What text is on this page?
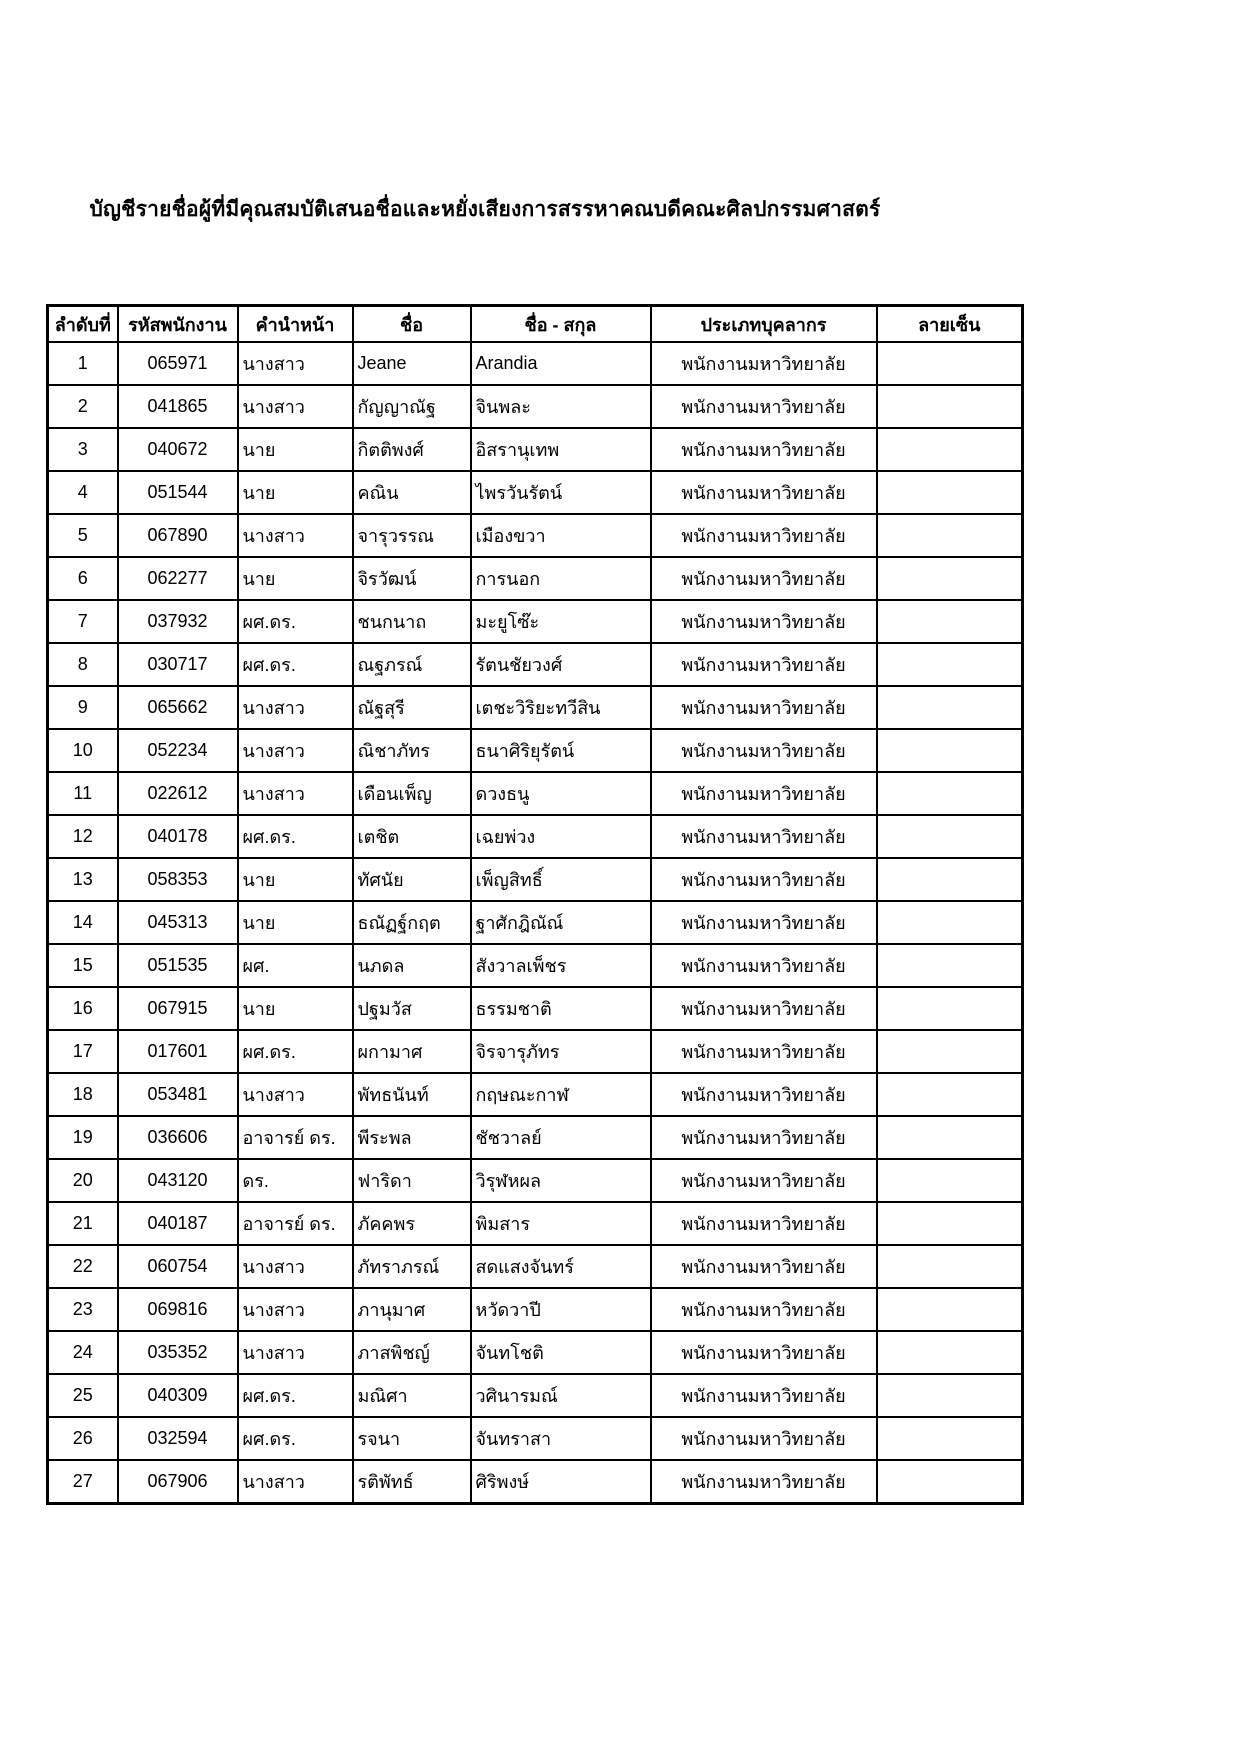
บัญชีรายชื่อผู้ที่มีคุณสมบัติเสนอชื่อและหยั่งเสียงการสรรหาคณบดีคณะศิลปกรรมศาสตร์
ลำดับที่	รหัสพนักงาน	คำนำหน้า	ชื่อ	ชื่อ - สกุล	ประเภทบุคลากร	ลายเซ็น
1	065971	นางสาว	Jeane	Arandia	พนักงานมหาวิทยาลัย	
2	041865	นางสาว	กัญญาณัฐ	จินพละ	พนักงานมหาวิทยาลัย	
3	040672	นาย	กิตติพงศ์	อิสรานุเทพ	พนักงานมหาวิทยาลัย	
4	051544	นาย	คณิน	ไพรวันรัตน์	พนักงานมหาวิทยาลัย	
5	067890	นางสาว	จารุวรรณ	เมืองขวา	พนักงานมหาวิทยาลัย	
6	062277	นาย	จิรวัฒน์	การนอก	พนักงานมหาวิทยาลัย	
7	037932	ผศ.ดร.	ชนกนาถ	มะยูโซ๊ะ	พนักงานมหาวิทยาลัย	
8	030717	ผศ.ดร.	ณฐภรณ์	รัตนชัยวงศ์	พนักงานมหาวิทยาลัย	
9	065662	นางสาว	ณัฐสุรี	เตชะวิริยะทวีสิน	พนักงานมหาวิทยาลัย	
10	052234	นางสาว	ณิชาภัทร	ธนาศิริยุรัตน์	พนักงานมหาวิทยาลัย	
11	022612	นางสาว	เดือนเพ็ญ	ดวงธนู	พนักงานมหาวิทยาลัย	
12	040178	ผศ.ดร.	เตชิต	เฉยพ่วง	พนักงานมหาวิทยาลัย	
13	058353	นาย	ทัศนัย	เพ็ญสิทธิ์	พนักงานมหาวิทยาลัย	
14	045313	นาย	ธณัฏฐ์กฤต	ฐาศักฎิณัณ์	พนักงานมหาวิทยาลัย	
15	051535	ผศ.	นภดล	สังวาลเพ็ชร	พนักงานมหาวิทยาลัย	
16	067915	นาย	ปฐมวัส	ธรรมชาติ	พนักงานมหาวิทยาลัย	
17	017601	ผศ.ดร.	ผกามาศ	จิรจารุภัทร	พนักงานมหาวิทยาลัย	
18	053481	นางสาว	พัทธนันท์	กฤษณะกาฬ	พนักงานมหาวิทยาลัย	
19	036606	อาจารย์ ดร.	พีระพล	ชัชวาลย์	พนักงานมหาวิทยาลัย	
20	043120	ดร.	ฟาริดา	วิรุฬหผล	พนักงานมหาวิทยาลัย	
21	040187	อาจารย์ ดร.	ภัคคพร	พิมสาร	พนักงานมหาวิทยาลัย	
22	060754	นางสาว	ภัทราภรณ์	สดแสงจันทร์	พนักงานมหาวิทยาลัย	
23	069816	นางสาว	ภานุมาศ	หวัดวาปี	พนักงานมหาวิทยาลัย	
24	035352	นางสาว	ภาสพิชญ์	จันทโชติ	พนักงานมหาวิทยาลัย	
25	040309	ผศ.ดร.	มณิศา	วศินารมณ์	พนักงานมหาวิทยาลัย	
26	032594	ผศ.ดร.	รจนา	จันทราสา	พนักงานมหาวิทยาลัย	
27	067906	นางสาว	รติพัทธ์	ศิริพงษ์	พนักงานมหาวิทยาลัย	
